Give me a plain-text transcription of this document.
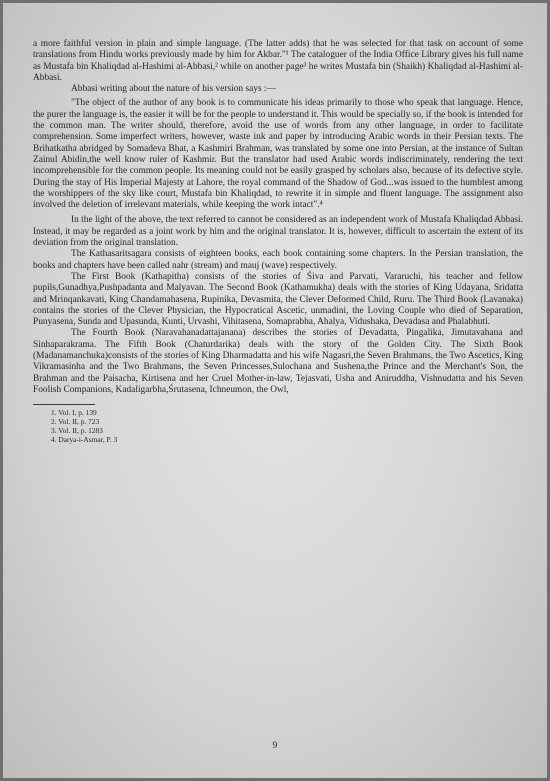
a more faithful version in plain and simple language. (The latter adds) that he was selected for that task on account of some translations from Hindu works previously made by him for Akbar."¹ The cataloguer of the India Office Library gives his full name as Mustafa bin Khaliqdad al-Hashimi al-Abbasi,² while on another page³ he writes Mustafa bin (Shaikh) Khaliqdad al-Hashimi al-Abbasi.

Abbasi writing about the nature of his version says :—

"The object of the author of any book is to communicate his ideas primarily to those who speak that language. Hence, the purer the language is, the easier it will be for the people to understand it. This would be specially so, if the book is intended for the common man. The writer should, therefore, avoid the use of words from any other language, in order to facilitate comprehension. Some imperfect writers, however, waste ink and paper by introducing Arabic words in their Persian texts. The Brihatkatha abridged by Somadeva Bhat, a Kashmiri Brahman, was translated by some one into Persian, at the instance of Sultan Zainul Abidin,the well know ruler of Kashmir. But the translator had used Arabic words indiscriminately, rendering the text incomprehensible for the common people. Its meaning could not be easily grasped by scholars also, because of its defective style. During the stay of His Imperial Majesty at Lahore, the royal command of the Shadow of God...was issued to the humblest among the worshippers of the sky like court, Mustafa bin Khaliqdad, to rewrite it in simple and fluent language. The assignment also involved the deletion of irrelevant materials, while keeping the work intact".⁴

In the light of the above, the text referred to cannot be considered as an independent work of Mustafa Khaliqdad Abbasi. Instead, it may be regarded as a joint work by him and the original translator. It is, however, difficult to ascertain the extent of its deviation from the original translation.

The Kathasaritsagara consists of eighteen books, each book containing some chapters. In the Persian translation, the books and chapters have been called nahr (stream) and mauj (wave) respectively.

The First Book (Kathapitha) consists of the stories of Śiva and Parvati, Vararuchi, his teacher and fellow pupils,Gunadhya,Pushpadanta and Malyavan. The Second Book (Kathamukha) deals with the stories of King Udayana, Sridatta and Mrinqankavati, King Chandamahasena, Rupinika, Devasmita, the Clever Deformed Child, Ruru. The Third Book (Lavanaka) contains the stories of the Clever Physician, the Hypocratical Ascetic, unmadini, the Loving Couple who died of Separation, Punyasena, Sunda and Upasunda, Kunti, Urvashi, Vihitasena, Somaprabha, Ahalya, Vidushaka, Devadasa and Phalabhuti.

The Fourth Book (Naravahanadattajanana) describes the stories of Devadatta, Pingalika, Jimutavahana and Sinhaparakrama. The Fifth Book (Chaturdarika) deals with the story of the Golden City. The Sixth Book (Madanamanchuka)consists of the stories of King Dharmadatta and his wife Nagasri,the Seven Brahmans, the Two Ascetics, King Vikramasinha and the Two Brahmans, the Seven Princesses,Sulochana and Sushena,the Prince and the Merchant's Son, the Brahman and the Paisacha, Kirtisena and her Cruel Mother-in-law, Tejasvati, Usha and Aniruddha, Vishnudatta and his Seven Foolish Companions, Kadaligarbha,Śrutasena, Ichneumon, the Owl,

1. Vol. I, p. 139
2. Vol. II, p. 723
3. Vol. II, p. 1283
4. Darya-i-Asmar, P. 3
9
